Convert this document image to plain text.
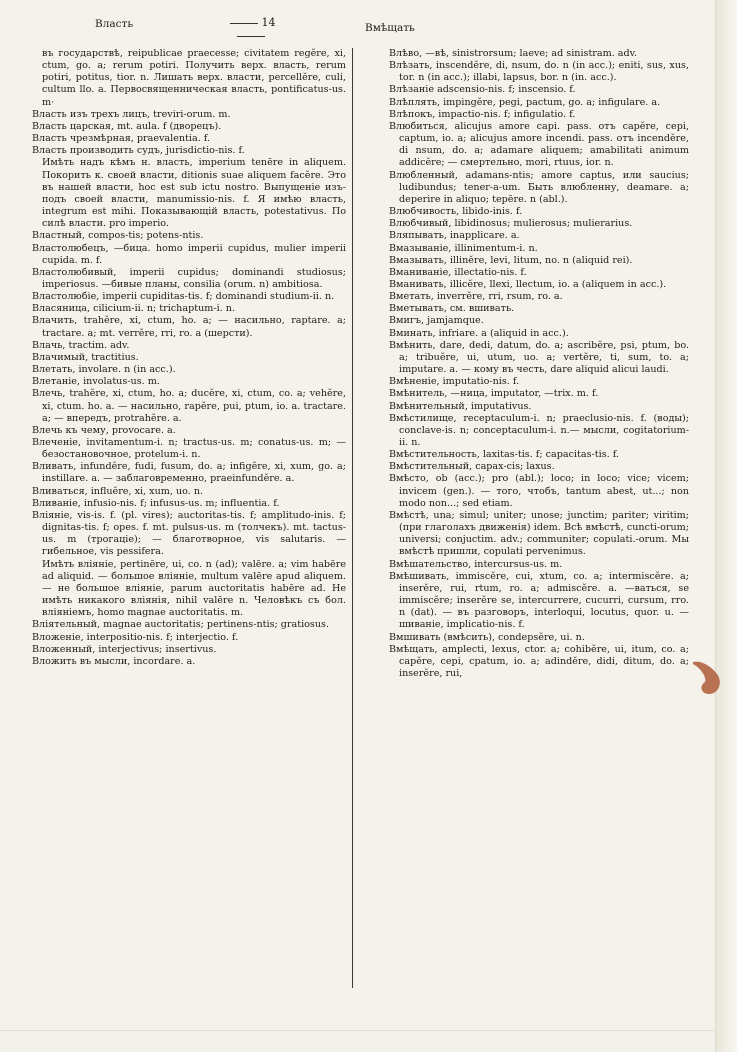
Власть	14	Вмѣщать

въ государствѣ, reipublicae praecesse; civitatem regĕre, xi, ctum, go. a; rerum potiri. Получить верх. власть, rerum potiri, potitus, tior. n. Лишать верх. власти, percellĕre, culi, cultum llo. a. Первосвященническая власть, pontificatus-us. m·

Власть изъ трехъ лицъ, treviri-orum. m.

Власть царская, mt. aula. f (дворецъ).

Власть чрезмѣрная, praevalentia. f.

Власть производить судъ, jurisdictio-nis. f.

Имѣть надъ кѣмъ н. власть, imperium tenēre in aliquem. Покорить к. своей власти, ditionis suae aliquem facĕre. Это въ нашей власти, hoc est sub ictu nostro. Выпущеніе изъ-подъ своей власти, manumissio-nis. f. Я имѣю власть, integrum est mihi. Показывающій власть, potestativus. По силѣ власти. pro imperio.

Властный, compos-tis; potens-ntis.

Властолюбецъ, —бица. homo imperii cupidus, mulier imperii cupida. m. f.

Властолюбивый, imperii cupidus; dominandi studiosus; imperiosus. —бивые планы, consilia (orum. n) ambitiosa.

Властолюбіе, imperii cupiditas-tis. f; dominandi studium-ii. n.

Власяница, cilicium-ii. n; trichaptum-i. n.

Влачить, trahĕre, xi, ctum, ho. a; — насильно, raptare. a; tractare. a; mt. verrĕre, rri, ro. a (шерсти).

Влачь, tractim. adv.

Влачимый, tractitius.

Влетать, involare. n (in acc.).

Влетаніе, involatus-us. m.

Влечь, trahĕre, xi, ctum, ho. a; ducĕre, xi, ctum, co. a; vehĕre, xi, ctum. ho. a. — насильно, rapĕre, pui, ptum, io. a. tractare. a; — впередъ, protrahĕre. a.

Влечь къ чему, provocare. a.

Влеченіе, invitamentum-i. n; tractus-us. m; conatus-us. m; — безостановочное, protelum-i. n.

Вливать, infundĕre, fudi, fusum, do. a; infigĕre, xi, xum, go. a; instillare. a. — заблаговременно, praeinfundĕre. a.

Вливаться, influĕre, xi, xum, uo. n.

Вливаніе, infusio-nis. f; infusus-us. m; influentia. f.

Вліяніе, vis-is. f. (pl. vires); auctoritas-tis. f; amplitudo-inis. f; dignitas-tis. f; opes. f. mt. pulsus-us. m (толчекъ). mt. tactus-us. m (трогаціе); — благотворное, vis salutaris. — гибельное, vis pessifera.

Имѣть вліяніе, pertinēre, ui, co. n (ad); valēre. a; vim habēre ad aliquid. — большое вліяніе, multum valēre apud aliquem. — не большое вліяніе, parum auctoritatis habēre ad. Не имѣть никакого вліянія, nihil valēre n. Человѣкъ съ бол. вліяніемъ, homo magnae auctoritatis. m.

Вліятельный, magnae auctoritatis; pertinens-ntis; gratiosus.

Вложеніе, interpositio-nis. f; interjectio. f.

Вложенный, interjectivus; insertivus.

Вложить въ мысли, incordare. a.

Влѣво, —вѣ, sinistrorsum; laeve; ad sinistram. adv.

Влѣзать, inscendĕre, di, nsum, do. n (in acc.); eniti, sus, xus, tor. n (in acc.); illabi, lapsus, bor. n (in. acc.).

Влѣзаніе adscensio-nis. f; inscensio. f.

Влѣплять, impingĕre, pegi, pactum, go. a; infigulare. a.

Влѣпокъ, impactio-nis. f; infigulatio. f.

Влюбиться, alicujus amore capi. pass. отъ capĕre, cepi, captum, io. a; alicujus amore incendi. pass. отъ incendĕre, di nsum, do. a; adamare aliquem; amabilitati animum addicĕre; — смертельно, mori, rtuus, ior. n.

Влюбленный, adamans-ntis; amore captus, или saucius; ludibundus; tener-a-um. Быть влюбленну, deamare. a; deperire in aliquo; tepēre. n (abl.).

Влюбчивость, libido-inis. f.

Влюбчивый, libidinosus; mulierosus; mulierarius.

Вляпывать, inapplicare. a.

Вмазываніе, illinimentum-i. n.

Вмазывать, illinĕre, levi, litum, no. n (aliquid rei).

Вманиваніе, illectatio-nis. f.

Вманивать, illicĕre, llexi, llectum, io. a (aliquem in acc.).

Вметать, inverrĕre, rri, rsum, ro. a.

Вметывать, см. вшивать.

Вмигъ, jamjamque.

Вминать, infriare. a (aliquid in acc.).

Вмѣнить, dare, dedi, datum, do. a; ascribĕre, psi, ptum, bo. a; tribuĕre, ui, utum, uo. a; vertĕre, ti, sum, to. a; imputare. a. — кому въ честь, dare aliquid alicui laudi.

Вмѣненіе, imputatio-nis. f.

Вмѣнитель, —ница, imputator, —trix. m. f.

Вмѣнительный, imputativus.

Вмѣстилище, receptaculum-i. n; praeclusio-nis. f. (воды); conclave-is. n; conceptaculum-i. n.— мысли, cogitatorium-ii. n.

Вмѣстительность, laxitas-tis. f; capacitas-tis. f.

Вмѣстительный, capax-cis; laxus.

Вмѣсто, ob (acc.); pro (abl.); loco; in loco; vice; vicem; invicem (gen.). — того, чтобъ, tantum abest, ut...; non modo non...; sed etiam.

Вмѣстѣ, una; simul; uniter; unose; junctim; pariter; viritim; (при глаголахъ движенія) idem. Всѣ вмѣстѣ, cuncti-orum; universi; conjuctim. adv.; communiter; copulati.-orum. Мы вмѣстѣ пришли, copulati pervenimus.

Вмѣшательство, intercursus-us. m.

Вмѣшивать, immiscĕre, cui, xtum, co. a; intermiscĕre. a; inserĕre, rui, rtum, ro. a; admiscĕre. a. —ваться, se immiscĕre; inserĕre se, intercurrere, cucurri, cursum, rro. n (dat). — въ разговоръ, interloqui, locutus, quor. u. —шиваніе, implicatio-nis. f.

Вмшивать (вмѣсить), condepsĕre, ui. n.

Вмѣщать, amplecti, lexus, ctor. a; cohibĕre, ui, itum, co. a; capĕre, cepi, cpatum, io. a; adindĕre, didi, ditum, do. a; inserĕre, rui,
